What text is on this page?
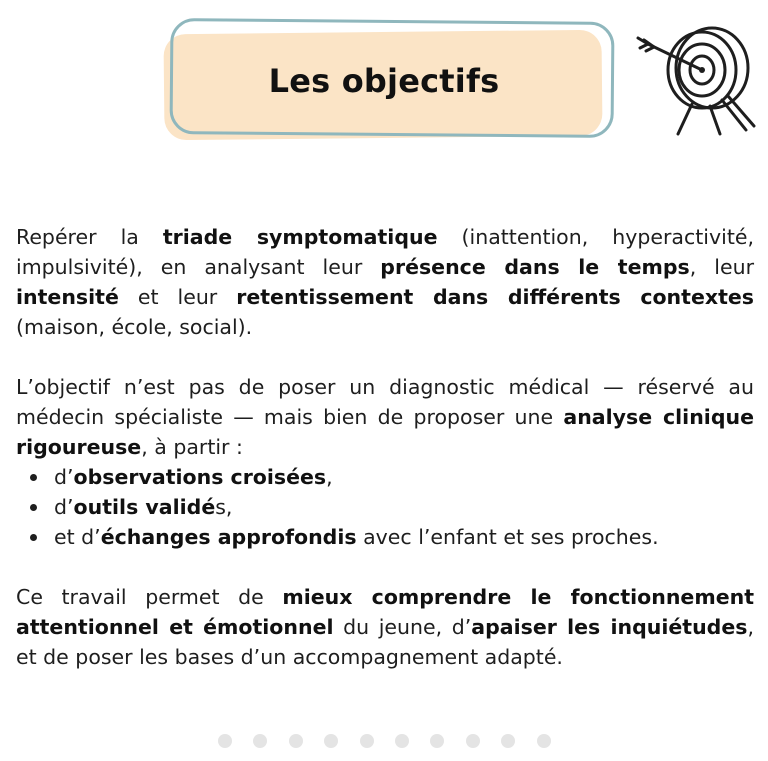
Les objectifs

Repérer la triade symptomatique (inattention, hyperactivité, impulsivité), en analysant leur présence dans le temps, leur intensité et leur retentissement dans différents contextes (maison, école, social).

L’objectif n’est pas de poser un diagnostic médical — réservé au médecin spécialiste — mais bien de proposer une analyse clinique rigoureuse, à partir :

d’observations croisées,
d’outils validés,
et d’échanges approfondis avec l’enfant et ses proches.

Ce travail permet de mieux comprendre le fonctionnement attentionnel et émotionnel du jeune, d’apaiser les inquiétudes, et de poser les bases d’un accompagnement adapté.
